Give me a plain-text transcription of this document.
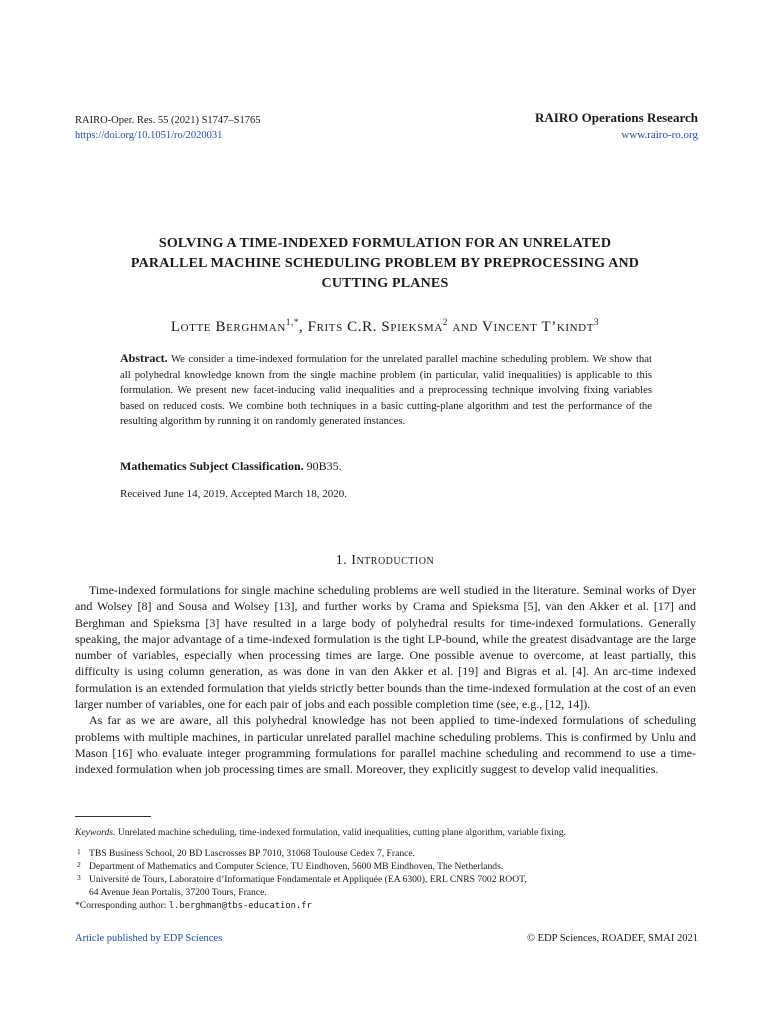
RAIRO-Oper. Res. 55 (2021) S1747–S1765
https://doi.org/10.1051/ro/2020031
RAIRO Operations Research
www.rairo-ro.org
SOLVING A TIME-INDEXED FORMULATION FOR AN UNRELATED
PARALLEL MACHINE SCHEDULING PROBLEM BY PREPROCESSING AND
CUTTING PLANES
Lotte Berghman$^{1,*}$, Frits C.R. Spieksma$^2$ and Vincent T’kindt$^3$
Abstract. We consider a time-indexed formulation for the unrelated parallel machine scheduling problem. We show that all polyhedral knowledge known from the single machine problem (in particular, valid inequalities) is applicable to this formulation. We present new facet-inducing valid inequalities and a preprocessing technique involving fixing variables based on reduced costs. We combine both techniques in a basic cutting-plane algorithm and test the performance of the resulting algorithm by running it on randomly generated instances.
Mathematics Subject Classification. 90B35.
Received June 14, 2019. Accepted March 18, 2020.
1. Introduction

Time-indexed formulations for single machine scheduling problems are well studied in the literature. Seminal works of Dyer and Wolsey [8] and Sousa and Wolsey [13], and further works by Crama and Spieksma [5], van den Akker et al. [17] and Berghman and Spieksma [3] have resulted in a large body of polyhedral results for time-indexed formulations. Generally speaking, the major advantage of a time-indexed formulation is the tight LP-bound, while the greatest disadvantage are the large number of variables, especially when processing times are large. One possible avenue to overcome, at least partially, this difficulty is using column generation, as was done in van den Akker et al. [19] and Bigras et al. [4]. An arc-time indexed formulation is an extended formulation that yields strictly better bounds than the time-indexed formulation at the cost of an even larger number of variables, one for each pair of jobs and each possible completion time (see, e.g., [12, 14]).

As far as we are aware, all this polyhedral knowledge has not been applied to time-indexed formulations of scheduling problems with multiple machines, in particular unrelated parallel machine scheduling problems. This is confirmed by Unlu and Mason [16] who evaluate integer programming formulations for parallel machine scheduling and recommend to use a time-indexed formulation when job processing times are small. Moreover, they explicitly suggest to develop valid inequalities.

Keywords. Unrelated machine scheduling, time-indexed formulation, valid inequalities, cutting plane algorithm, variable fixing.
1 TBS Business School, 20 BD Lascrosses BP 7010, 31068 Toulouse Cedex 7, France.
2 Department of Mathematics and Computer Science, TU Eindhoven, 5600 MB Eindhoven, The Netherlands.
3 Université de Tours, Laboratoire d’Informatique Fondamentale et Appliquée (EA 6300), ERL CNRS 7002 ROOT,
64 Avenue Jean Portalis, 37200 Tours, France.
*Corresponding author: l.berghman@tbs-education.fr
Article published by EDP Sciences	© EDP Sciences, ROADEF, SMAI 2021
